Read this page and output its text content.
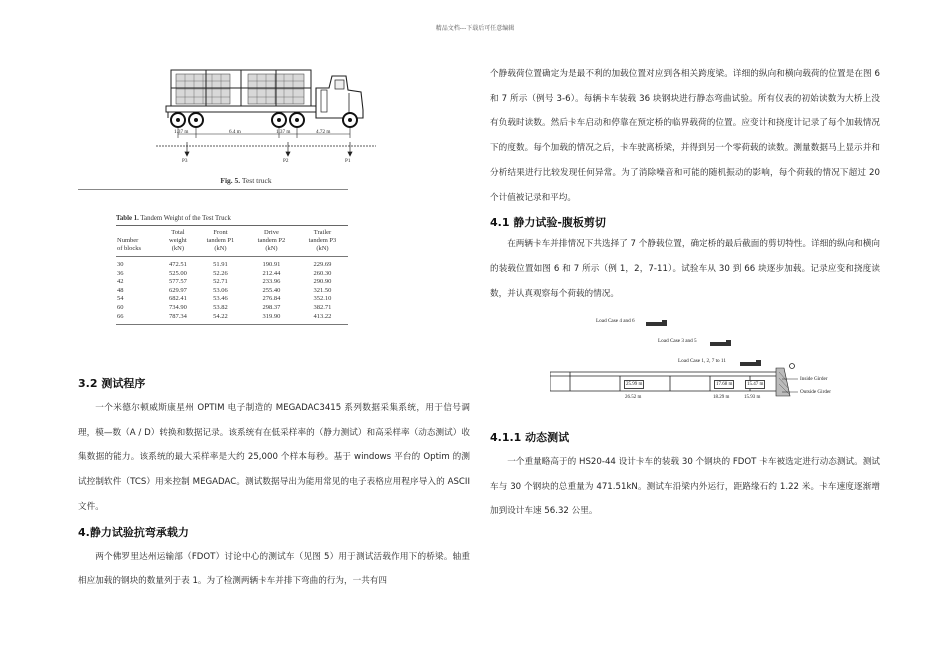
精品文档---下载后可任意编辑
1.37 m	6.4 m	1.37 m	4.72 m
P3	P2	P1
Fig. 5. Test truck
Table 1. Tandem Weight of the Test Truck
Number
of blocks	Total
weight
(kN)	Front
tandem P1
(kN)	Drive
tandem P2
(kN)	Trailer
tandem P3
(kN)
30	472.51	51.91	190.91	229.69
36	525.00	52.26	212.44	260.30
42	577.57	52.71	233.96	290.90
48	629.97	53.06	255.40	321.50
54	682.41	53.46	276.84	352.10
60	734.90	53.82	298.37	382.71
66	787.34	54.22	319.90	413.22

3.2 测试程序

一个米德尔顿威斯康星州 OPTIM 电子制造的 MEGADAC3415 系列数据采集系统，用于信号调理，模—数（A / D）转换和数据记录。该系统有在低采样率的（静力测试）和高采样率（动态测试）收集数据的能力。该系统的最大采样率是大约 25,000 个样本每秒。基于 windows 平台的 Optim 的测试控制软件（TCS）用来控制 MEGADAC。测试数据导出为能用常见的电子表格应用程序导入的 ASCII 文件。

4.静力试验抗弯承载力

两个佛罗里达州运输部（FDOT）讨论中心的测试车（见图 5）用于测试活载作用下的桥梁。轴重相应加载的钢块的数量列于表 1。为了检测两辆卡车并排下弯曲的行为，一共有四

个静载荷位置确定为是最不利的加载位置对应到各相关跨度梁。详细的纵向和横向载荷的位置是在图 6 和 7 所示（例号 3-6）。每辆卡车装载 36 块钢块进行静态弯曲试验。所有仪表的初始读数为大桥上没有负载时读数。然后卡车启动和停靠在预定桥的临界载荷的位置。应变计和挠度计记录了每个加载情况下的度数。每个加载的情况之后，卡车驶离桥梁，并得到另一个零荷载的读数。测量数据马上显示并和分析结果进行比较发现任何异常。为了消除噪音和可能的随机振动的影响，每个荷载的情况下超过 20 个计值被记录和平均。

4.1 静力试验-腹板剪切

在两辆卡车并排情况下共选择了 7 个静载位置，确定桥的最后截面的剪切特性。详细的纵向和横向的装载位置如图 6 和 7 所示（例 1，2，7-11）。试验车从 30 到 66 块逐步加载。记录应变和挠度读数，并认真观察每个荷载的情况。

Load Case 4 and 6
Load Case 3 and 5
Load Case 1, 2, 7 to 11
Inside Girder
Outside Girder
25.99 m
26.52 m
17.68 m	15.47 m
18.29 m	15.93 m

4.1.1 动态测试

一个重量略高于的 HS20-44 设计卡车的装载 30 个钢块的 FDOT 卡车被选定进行动态测试。测试车与 30 个钢块的总重量为 471.51kN。测试车沿梁内外运行，距路缘石约 1.22 米。卡车速度逐渐增加到设计车速 56.32 公里。
